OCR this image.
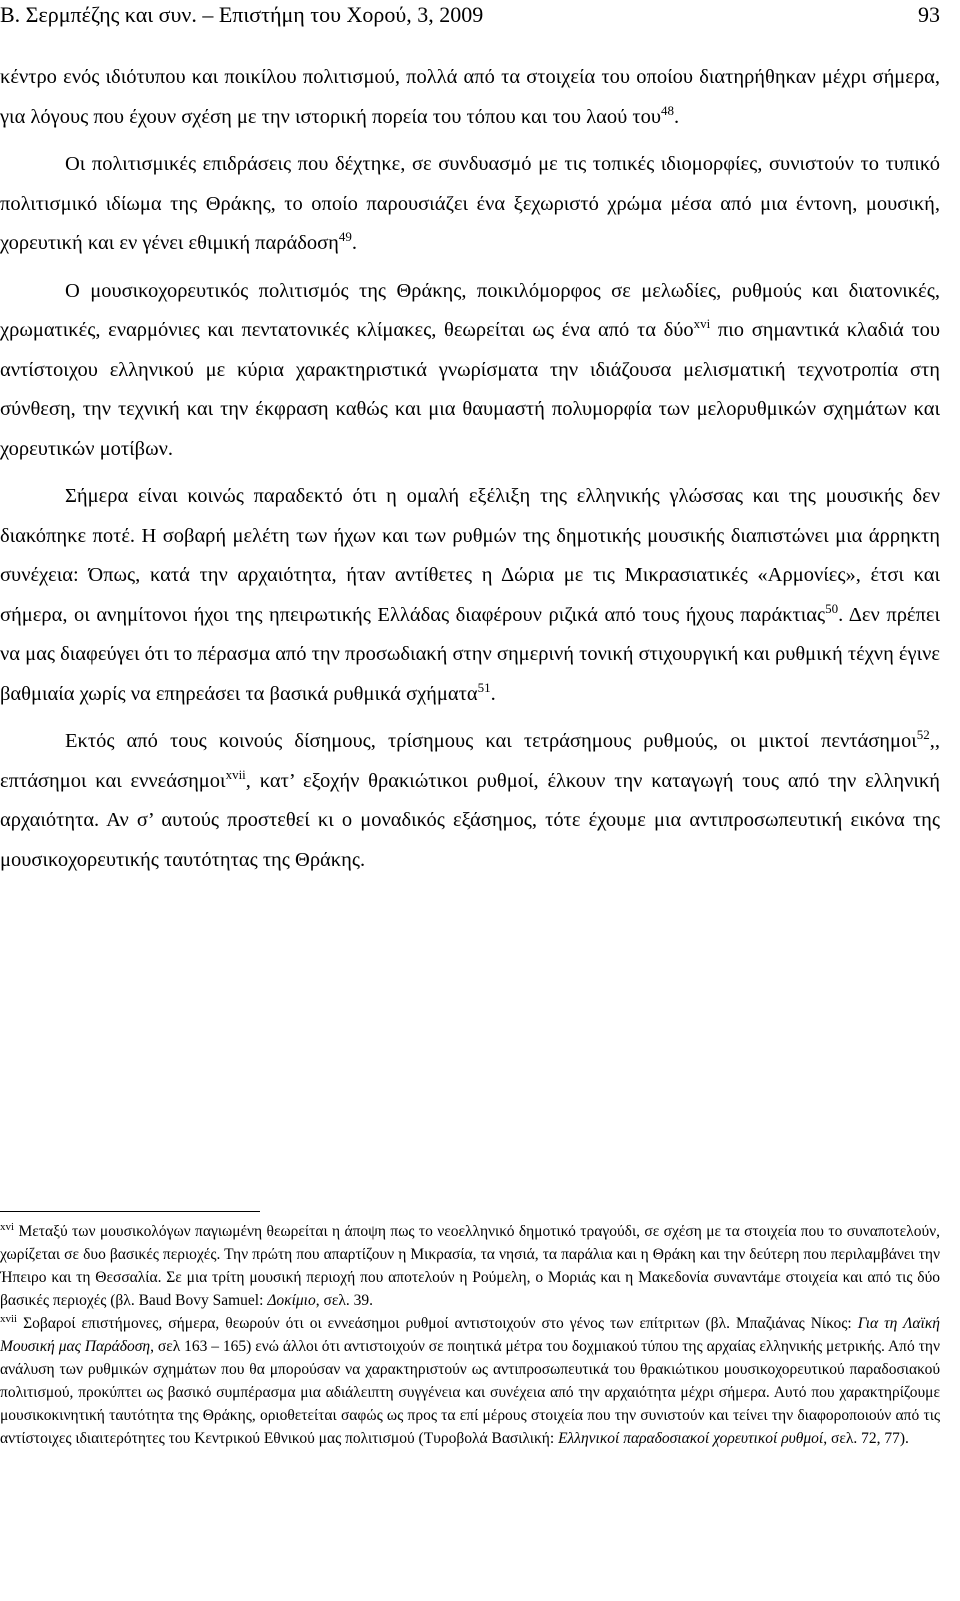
Β. Σερμπέζης και συν. – Επιστήμη του Χορού, 3, 2009	93

κέντρο ενός ιδιότυπου και ποικίλου πολιτισμού, πολλά από τα στοιχεία του οποίου διατηρήθηκαν μέχρι σήμερα, για λόγους που έχουν σχέση με την ιστορική πορεία του τόπου και του λαού του$^{48}$.

Οι πολιτισμικές επιδράσεις που δέχτηκε, σε συνδυασμό με τις τοπικές ιδιομορφίες, συνιστούν το τυπικό πολιτισμικό ιδίωμα της Θράκης, το οποίο παρουσιάζει ένα ξεχωριστό χρώμα μέσα από μια έντονη, μουσική, χορευτική και εν γένει εθιμική παράδοση$^{49}$.

Ο μουσικοχορευτικός πολιτισμός της Θράκης, ποικιλόμορφος σε μελωδίες, ρυθμούς και διατονικές, χρωματικές, εναρμόνιες και πεντατονικές κλίμακες, θεωρείται ως ένα από τα δύο$^{xvi}$ πιο σημαντικά κλαδιά του αντίστοιχου ελληνικού με κύρια χαρακτηριστικά γνωρίσματα την ιδιάζουσα μελισματική τεχνοτροπία στη σύνθεση, την τεχνική και την έκφραση καθώς και μια θαυμαστή πολυμορφία των μελορυθμικών σχημάτων και χορευτικών μοτίβων.

Σήμερα είναι κοινώς παραδεκτό ότι η ομαλή εξέλιξη της ελληνικής γλώσσας και της μουσικής δεν διακόπηκε ποτέ. Η σοβαρή μελέτη των ήχων και των ρυθμών της δημοτικής μουσικής διαπιστώνει μια άρρηκτη συνέχεια: Όπως, κατά την αρχαιότητα, ήταν αντίθετες η Δώρια με τις Μικρασιατικές «Αρμονίες», έτσι και σήμερα, οι ανημίτονοι ήχοι της ηπειρωτικής Ελλάδας διαφέρουν ριζικά από τους ήχους παράκτιας$^{50}$. Δεν πρέπει να μας διαφεύγει ότι το πέρασμα από την προσωδιακή στην σημερινή τονική στιχουργική και ρυθμική τέχνη έγινε βαθμιαία χωρίς να επηρεάσει τα βασικά ρυθμικά σχήματα$^{51}$.

Εκτός από τους κοινούς δίσημους, τρίσημους και τετράσημους ρυθμούς, οι μικτοί πεντάσημοι$^{52}$,, επτάσημοι και εννεάσημοι$^{xvii}$, κατ’ εξοχήν θρακιώτικοι ρυθμοί, έλκουν την καταγωγή τους από την ελληνική αρχαιότητα. Αν σ’ αυτούς προστεθεί κι ο μοναδικός εξάσημος, τότε έχουμε μια αντιπροσωπευτική εικόνα της μουσικοχορευτικής ταυτότητας της Θράκης.

$^{xvi}$ Μεταξύ των μουσικολόγων παγιωμένη θεωρείται η άποψη πως το νεοελληνικό δημοτικό τραγούδι, σε σχέση με τα στοιχεία που το συναποτελούν, χωρίζεται σε δυο βασικές περιοχές. Την πρώτη που απαρτίζουν η Μικρασία, τα νησιά, τα παράλια και η Θράκη και την δεύτερη που περιλαμβάνει την Ήπειρο και τη Θεσσαλία. Σε μια τρίτη μουσική περιοχή που αποτελούν η Ρούμελη, ο Μοριάς και η Μακεδονία συναντάμε στοιχεία και από τις δύο βασικές περιοχές (βλ. Baud Bovy Samuel: Δοκίμιο, σελ. 39.

$^{xvii}$ Σοβαροί επιστήμονες, σήμερα, θεωρούν ότι οι εννεάσημοι ρυθμοί αντιστοιχούν στο γένος των επίτριτων (βλ. Μπαζιάνας Νίκος: Για τη Λαϊκή Μουσική μας Παράδοση, σελ 163 – 165) ενώ άλλοι ότι αντιστοιχούν σε ποιητικά μέτρα του δοχμιακού τύπου της αρχαίας ελληνικής μετρικής. Από την ανάλυση των ρυθμικών σχημάτων που θα μπορούσαν να χαρακτηριστούν ως αντιπροσωπευτικά του θρακιώτικου μουσικοχορευτικού παραδοσιακού πολιτισμού, προκύπτει ως βασικό συμπέρασμα μια αδιάλειπτη συγγένεια και συνέχεια από την αρχαιότητα μέχρι σήμερα. Αυτό που χαρακτηρίζουμε μουσικοκινητική ταυτότητα της Θράκης, οριοθετείται σαφώς ως προς τα επί μέρους στοιχεία που την συνιστούν και τείνει την διαφοροποιούν από τις αντίστοιχες ιδιαιτερότητες του Κεντρικού Εθνικού μας πολιτισμού (Τυροβολά Βασιλική: Ελληνικοί παραδοσιακοί χορευτικοί ρυθμοί, σελ. 72, 77).
